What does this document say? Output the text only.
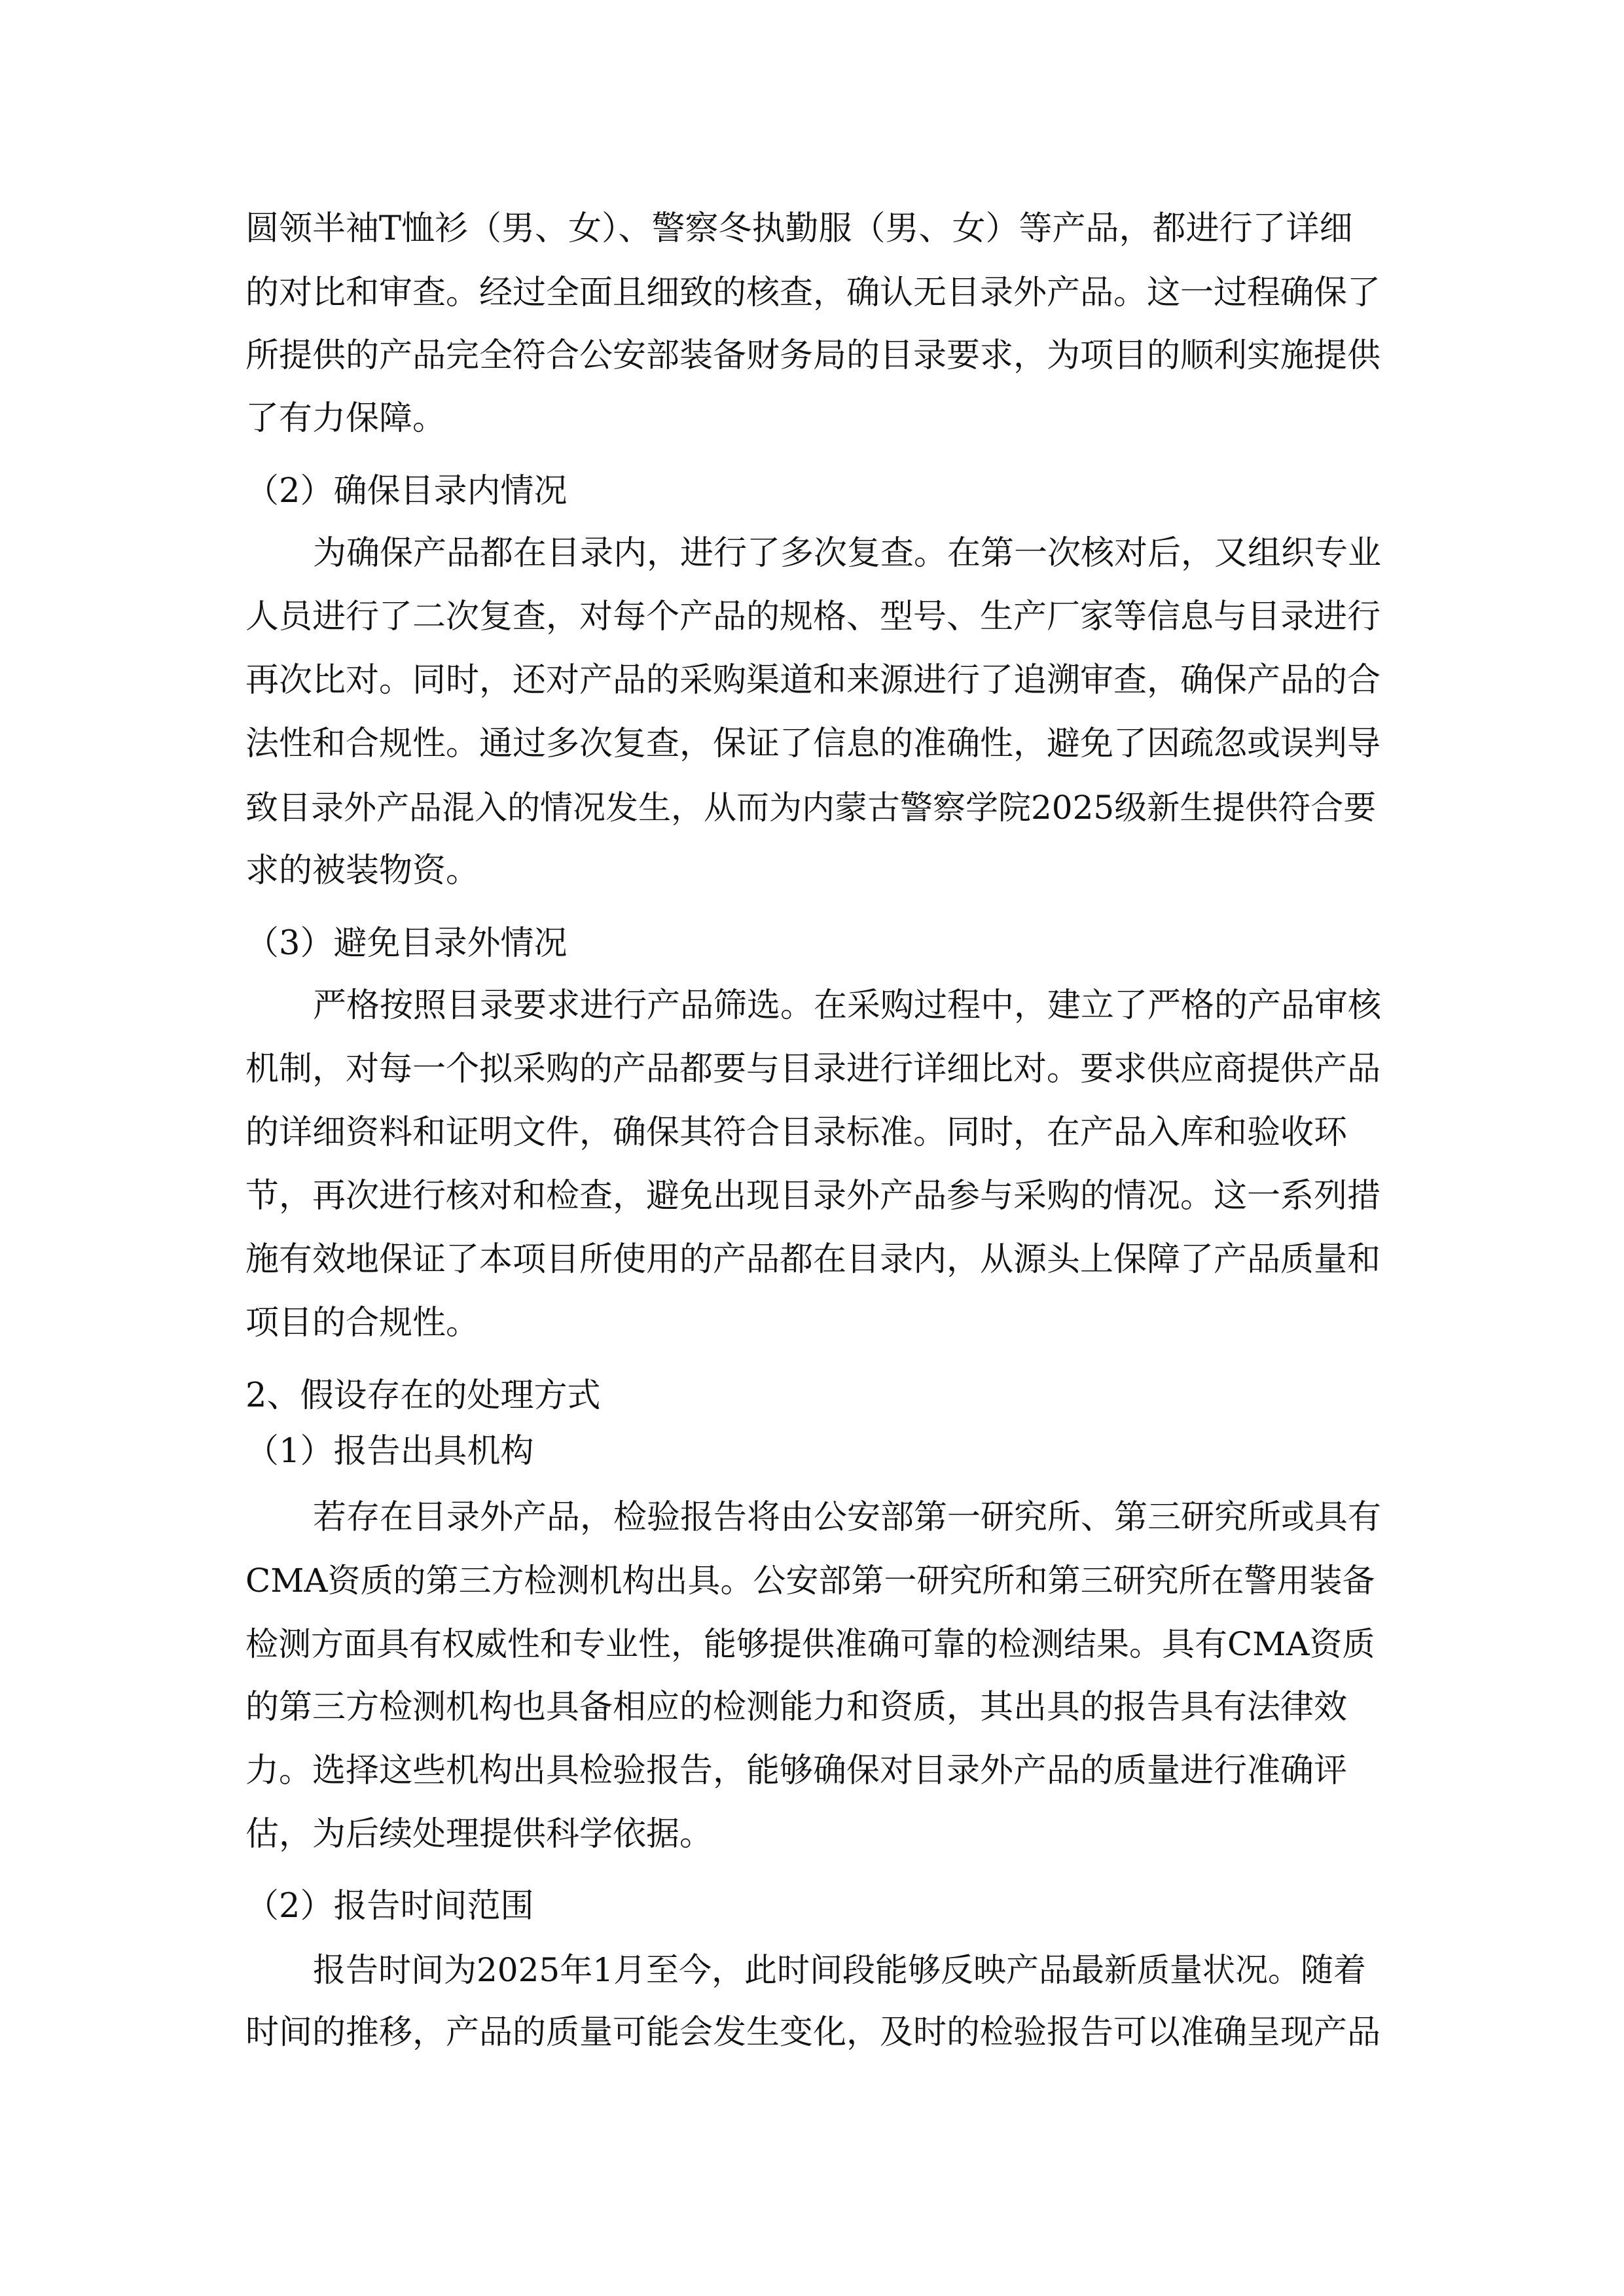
圆领半袖T恤衫（男、女）、警察冬执勤服（男、女）等产品，都进行了详细
的对比和审查。经过全面且细致的核查，确认无目录外产品。这一过程确保了
所提供的产品完全符合公安部装备财务局的目录要求，为项目的顺利实施提供
了有力保障。
（2）确保目录内情况
为确保产品都在目录内，进行了多次复查。在第一次核对后，又组织专业
人员进行了二次复查，对每个产品的规格、型号、生产厂家等信息与目录进行
再次比对。同时，还对产品的采购渠道和来源进行了追溯审查，确保产品的合
法性和合规性。通过多次复查，保证了信息的准确性，避免了因疏忽或误判导
致目录外产品混入的情况发生，从而为内蒙古警察学院2025级新生提供符合要
求的被装物资。
（3）避免目录外情况
严格按照目录要求进行产品筛选。在采购过程中，建立了严格的产品审核
机制，对每一个拟采购的产品都要与目录进行详细比对。要求供应商提供产品
的详细资料和证明文件，确保其符合目录标准。同时，在产品入库和验收环
节，再次进行核对和检查，避免出现目录外产品参与采购的情况。这一系列措
施有效地保证了本项目所使用的产品都在目录内，从源头上保障了产品质量和
项目的合规性。
2、假设存在的处理方式
（1）报告出具机构
若存在目录外产品，检验报告将由公安部第一研究所、第三研究所或具有
CMA资质的第三方检测机构出具。公安部第一研究所和第三研究所在警用装备
检测方面具有权威性和专业性，能够提供准确可靠的检测结果。具有CMA资质
的第三方检测机构也具备相应的检测能力和资质，其出具的报告具有法律效
力。选择这些机构出具检验报告，能够确保对目录外产品的质量进行准确评
估，为后续处理提供科学依据。
（2）报告时间范围
报告时间为2025年1月至今，此时间段能够反映产品最新质量状况。随着
时间的推移，产品的质量可能会发生变化，及时的检验报告可以准确呈现产品
